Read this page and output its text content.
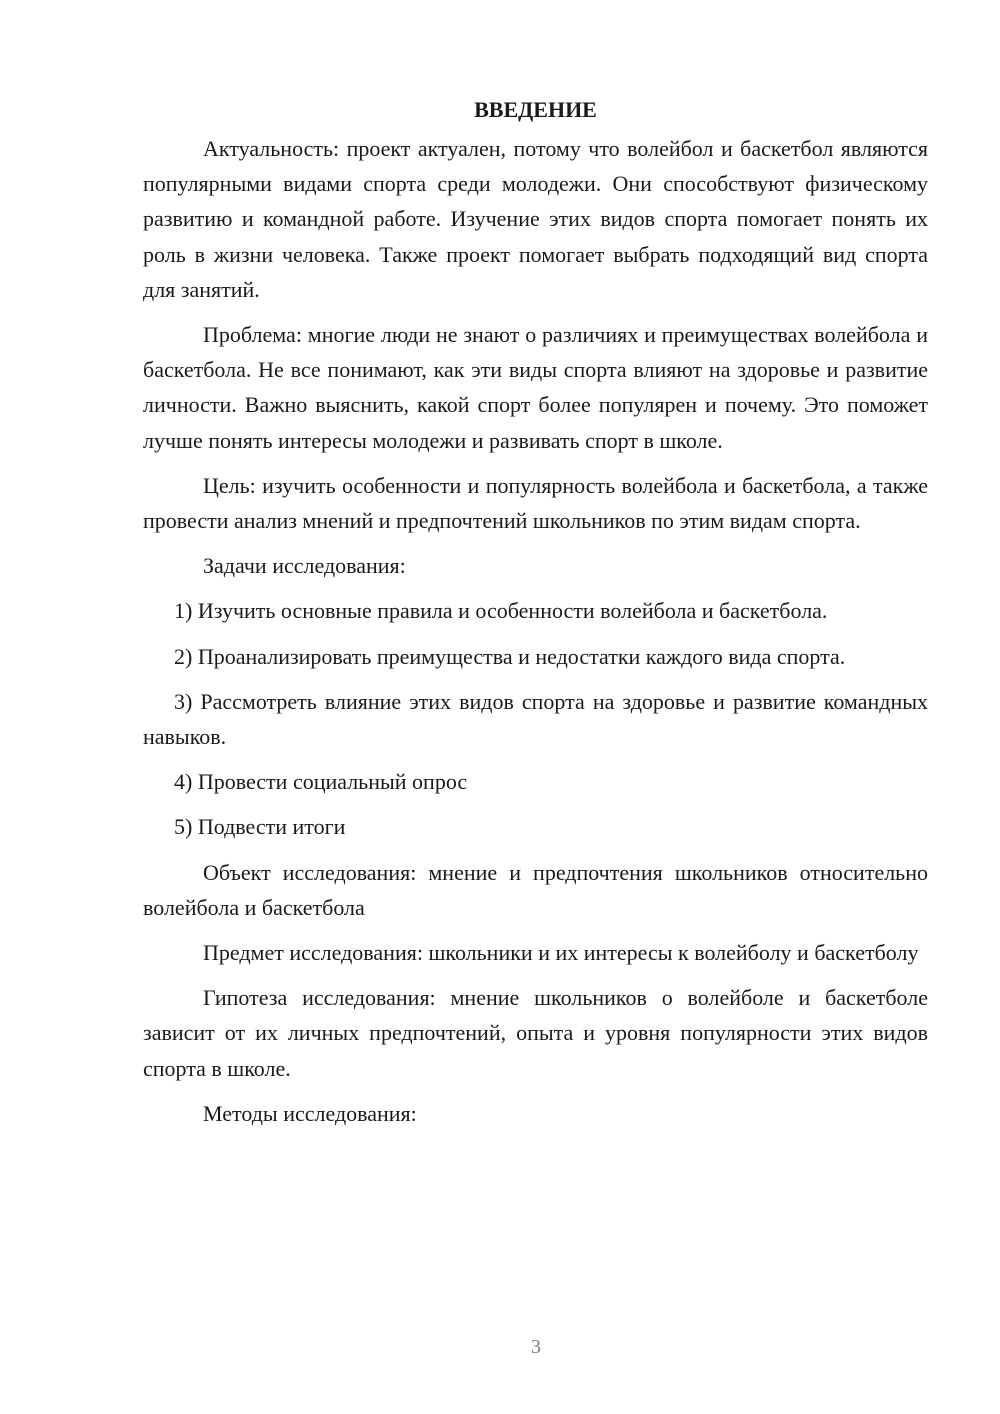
ВВЕДЕНИЕ
Актуальность: проект актуален, потому что волейбол и баскетбол являются популярными видами спорта среди молодежи. Они способствуют физическому развитию и командной работе. Изучение этих видов спорта помогает понять их роль в жизни человека. Также проект помогает выбрать подходящий вид спорта для занятий.
Проблема: многие люди не знают о различиях и преимуществах волейбола и баскетбола. Не все понимают, как эти виды спорта влияют на здоровье и развитие личности. Важно выяснить, какой спорт более популярен и почему. Это поможет лучше понять интересы молодежи и развивать спорт в школе.
Цель: изучить особенности и популярность волейбола и баскетбола, а также провести анализ мнений и предпочтений школьников по этим видам спорта.
Задачи исследования:
1) Изучить основные правила и особенности волейбола и баскетбола.
2) Проанализировать преимущества и недостатки каждого вида спорта.
3) Рассмотреть влияние этих видов спорта на здоровье и развитие командных навыков.
4) Провести социальный опрос
5) Подвести итоги
Объект исследования: мнение и предпочтения школьников относительно волейбола и баскетбола
Предмет исследования: школьники и их интересы к волейболу и баскетболу
Гипотеза исследования: мнение школьников о волейболе и баскетболе зависит от их личных предпочтений, опыта и уровня популярности этих видов спорта в школе.
Методы исследования:
3
